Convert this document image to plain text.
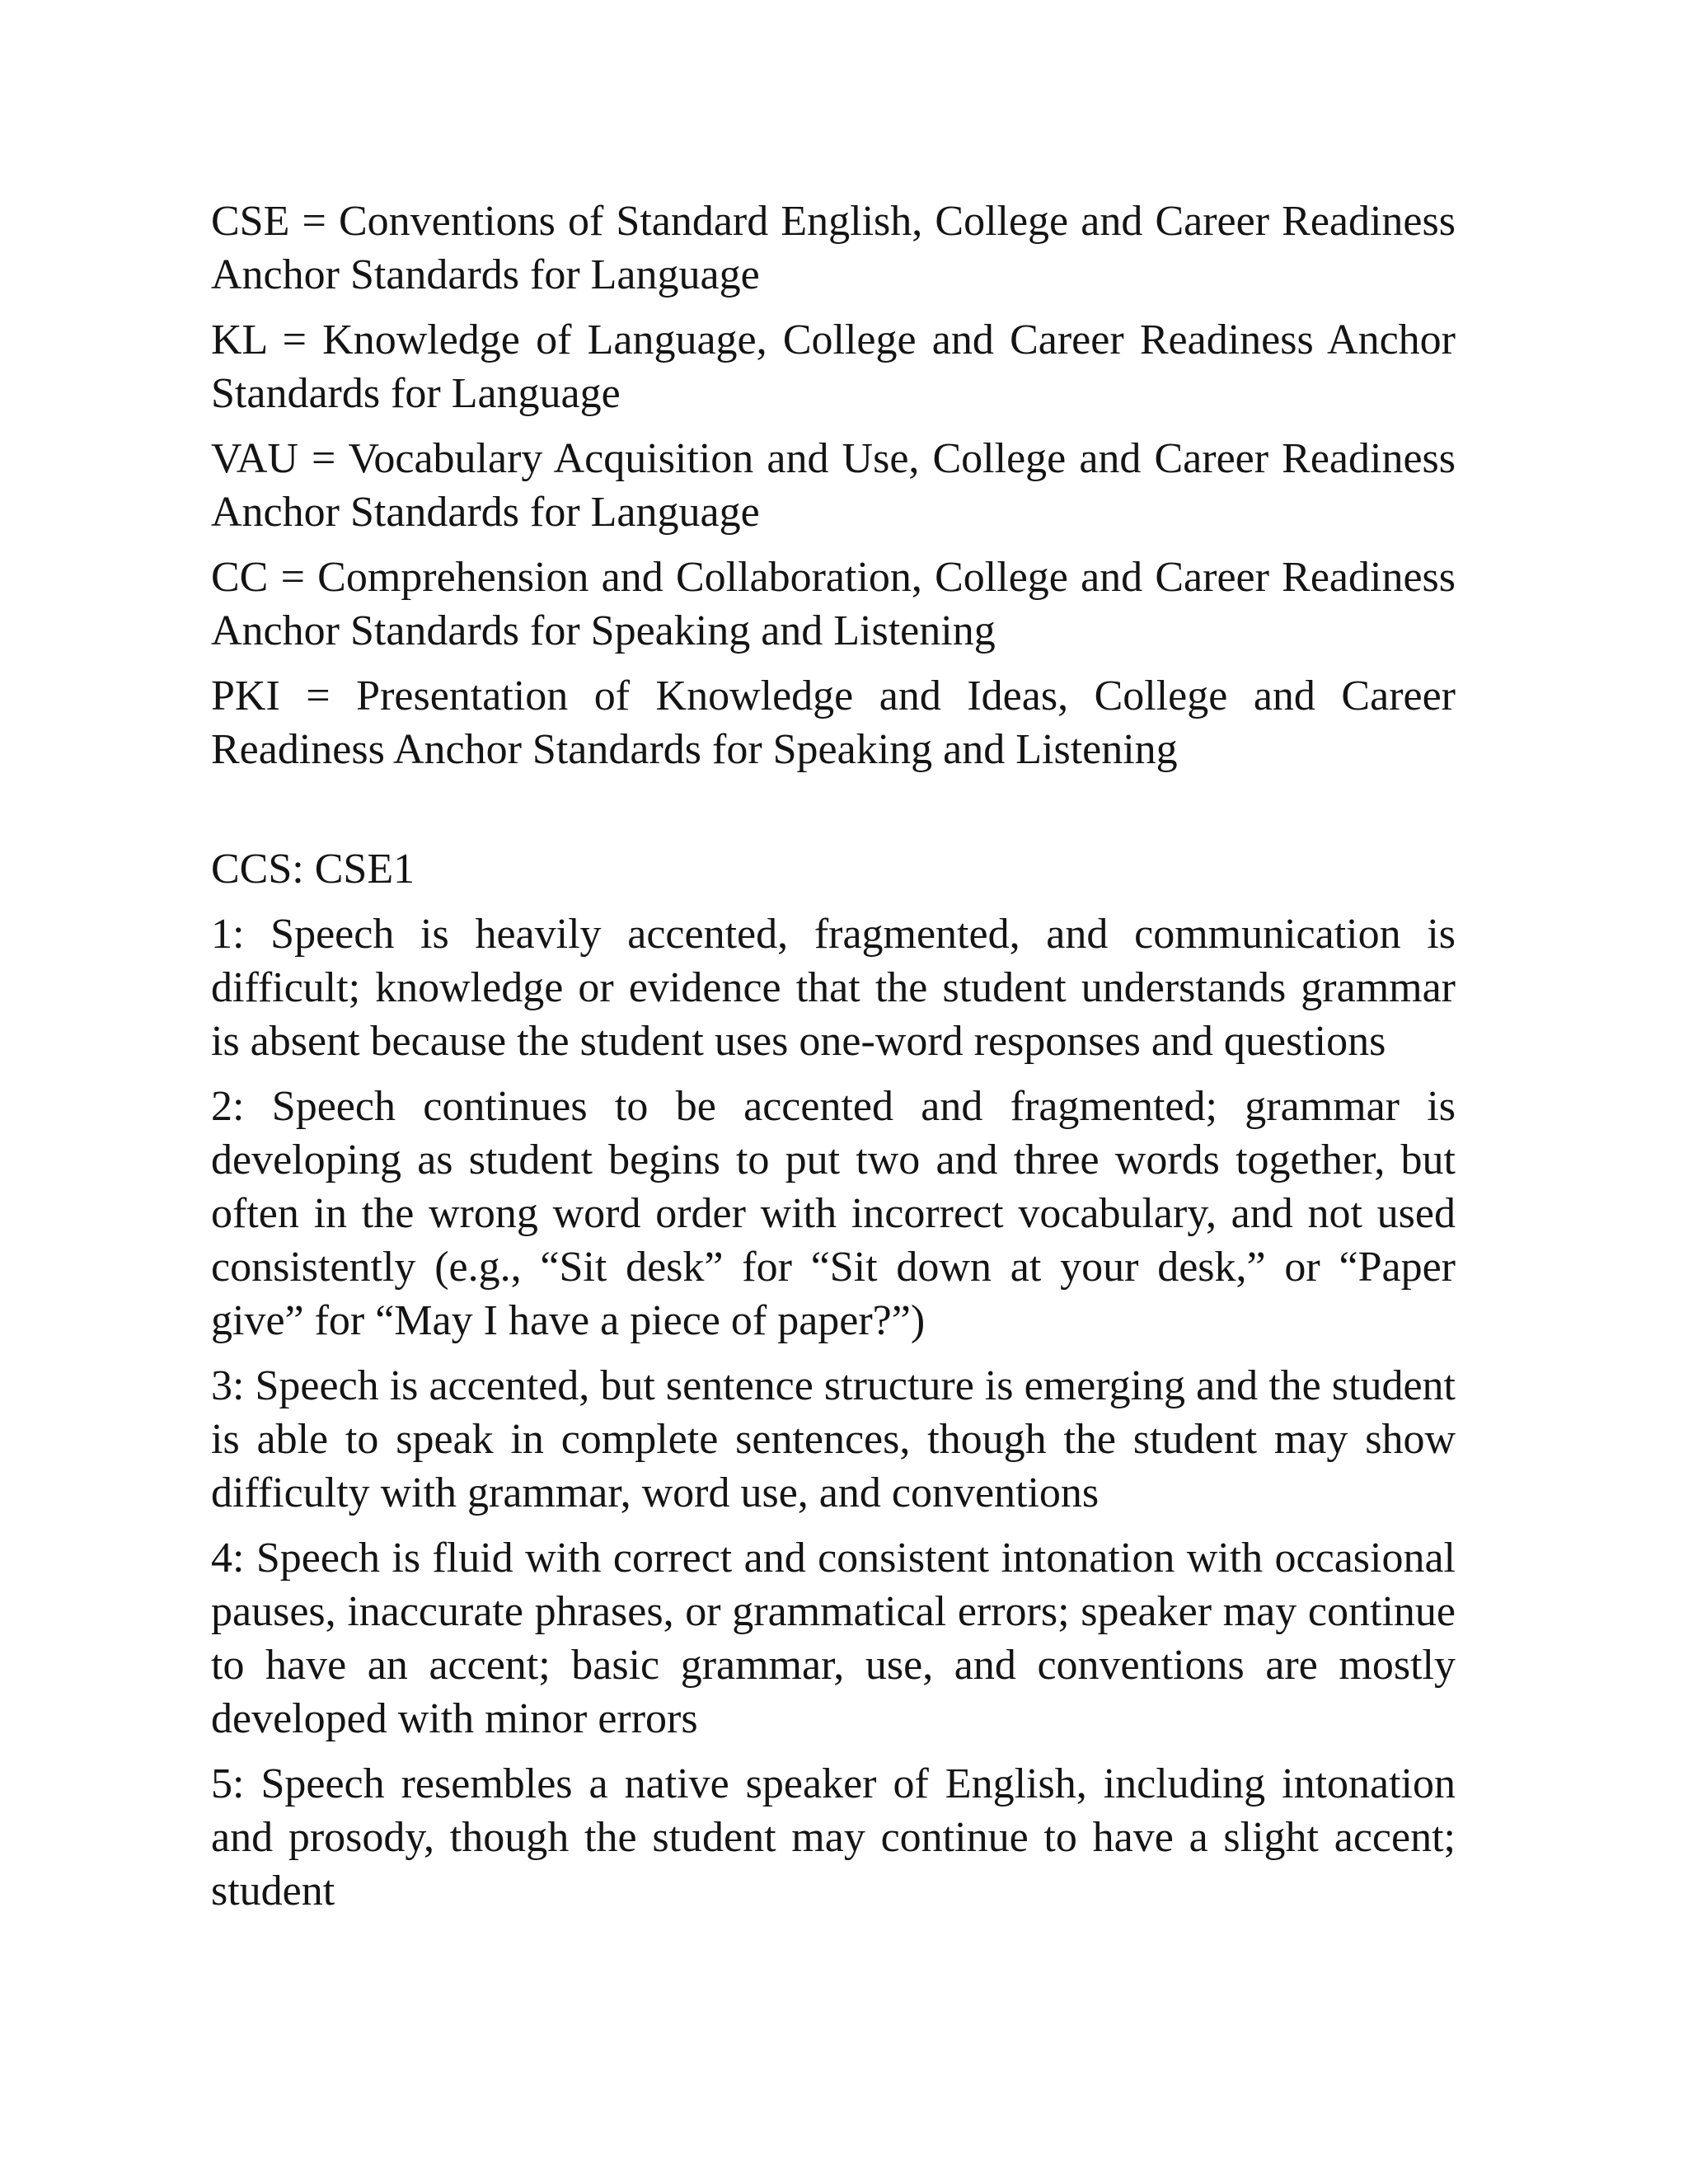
CSE = Conventions of Standard English, College and Career Readiness Anchor Standards for Language

KL = Knowledge of Language, College and Career Readiness Anchor Standards for Language

VAU = Vocabulary Acquisition and Use, College and Career Readiness Anchor Standards for Language

CC = Comprehension and Collaboration, College and Career Readiness Anchor Standards for Speaking and Listening

PKI = Presentation of Knowledge and Ideas, College and Career Readiness Anchor Standards for Speaking and Listening

CCS: CSE1

1: Speech is heavily accented, fragmented, and communication is difficult; knowledge or evidence that the student understands grammar is absent because the student uses one-word responses and questions

2: Speech continues to be accented and fragmented; grammar is developing as student begins to put two and three words together, but often in the wrong word order with incorrect vocabulary, and not used consistently (e.g., “Sit desk” for “Sit down at your desk,” or “Paper give” for “May I have a piece of paper?”)

3: Speech is accented, but sentence structure is emerging and the student is able to speak in complete sentences, though the student may show difficulty with grammar, word use, and conventions

4: Speech is fluid with correct and consistent intonation with occasional pauses, inaccurate phrases, or grammatical errors; speaker may continue to have an accent; basic grammar, use, and conventions are mostly developed with minor errors

5: Speech resembles a native speaker of English, including intonation and prosody, though the student may continue to have a slight accent; student
